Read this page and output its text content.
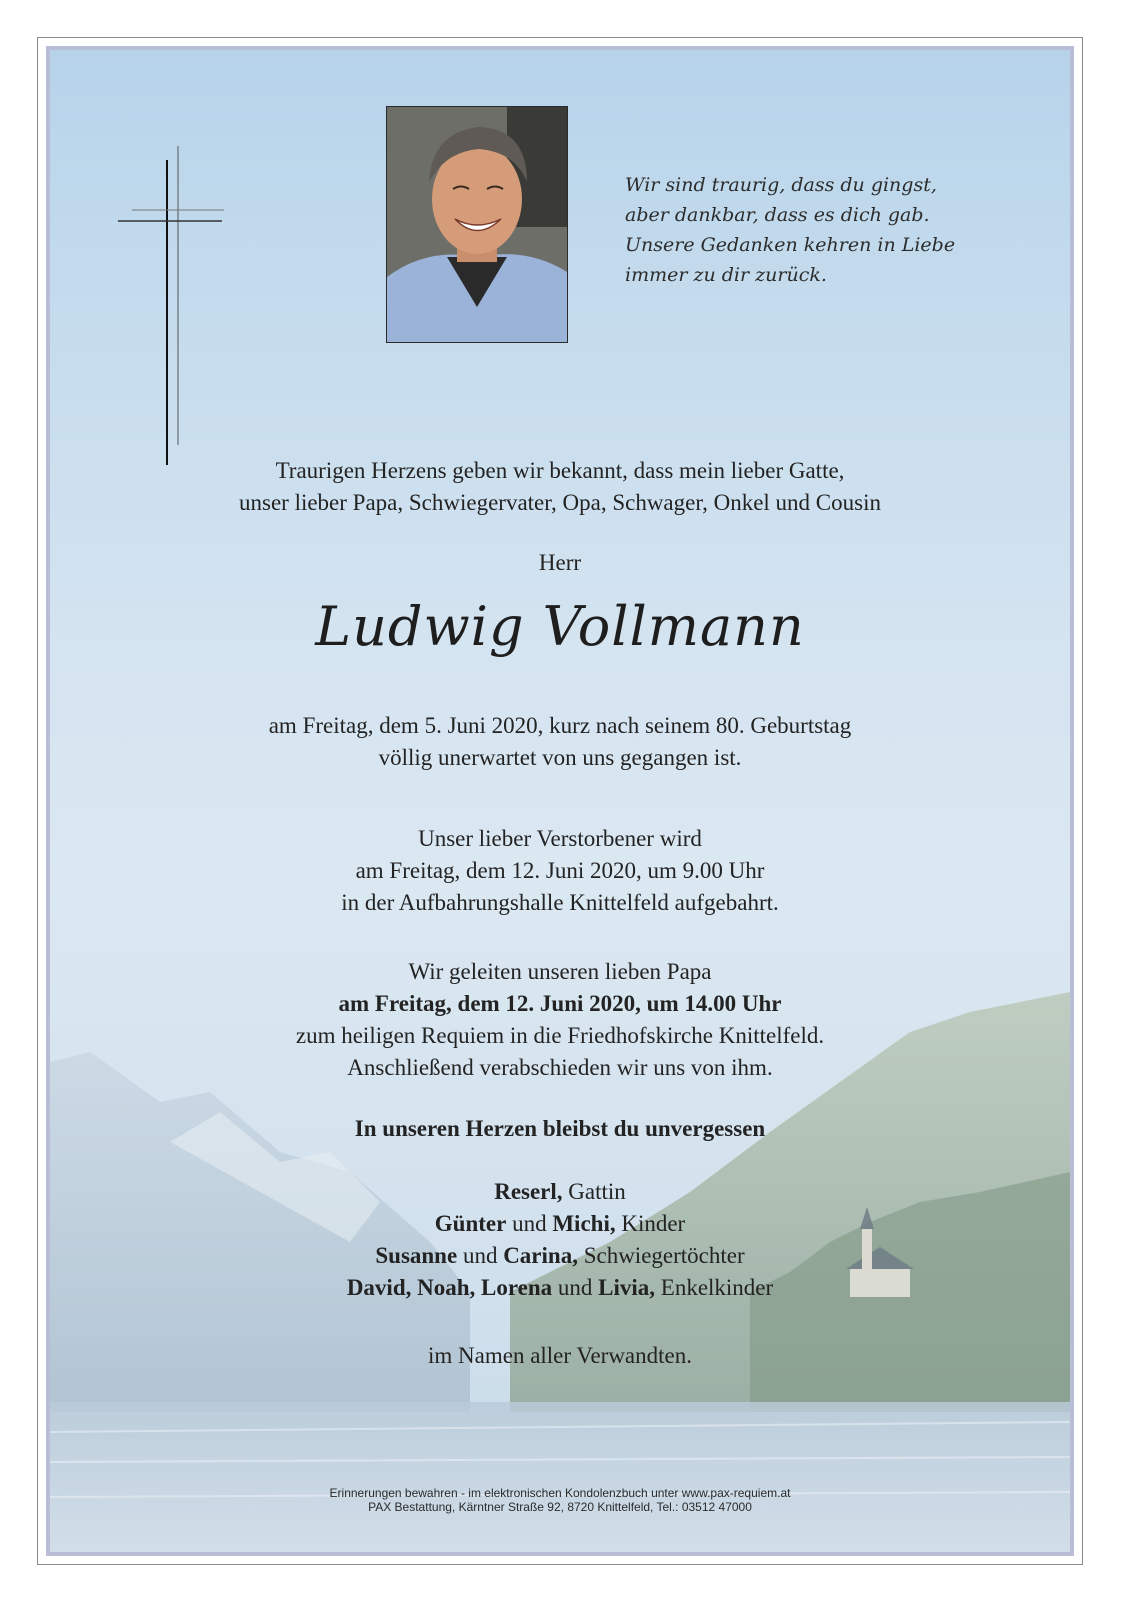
Wir sind traurig, dass du gingst,
aber dankbar, dass es dich gab.
Unsere Gedanken kehren in Liebe
immer zu dir zurück.
Traurigen Herzens geben wir bekannt, dass mein lieber Gatte,
unser lieber Papa, Schwiegervater, Opa, Schwager, Onkel und Cousin
Herr
Ludwig Vollmann
am Freitag, dem 5. Juni 2020, kurz nach seinem 80. Geburtstag
völlig unerwartet von uns gegangen ist.
Unser lieber Verstorbener wird
am Freitag, dem 12. Juni 2020, um 9.00 Uhr
in der Aufbahrungshalle Knittelfeld aufgebahrt.
Wir geleiten unseren lieben Papa
am Freitag, dem 12. Juni 2020, um 14.00 Uhr
zum heiligen Requiem in die Friedhofskirche Knittelfeld.
Anschließend verabschieden wir uns von ihm.
In unseren Herzen bleibst du unvergessen
Reserl, Gattin
Günter und Michi, Kinder
Susanne und Carina, Schwiegertöchter
David, Noah, Lorena und Livia, Enkelkinder
im Namen aller Verwandten.
Erinnerungen bewahren - im elektronischen Kondolenzbuch unter www.pax-requiem.at
PAX Bestattung, Kärntner Straße 92, 8720 Knittelfeld, Tel.: 03512 47000
